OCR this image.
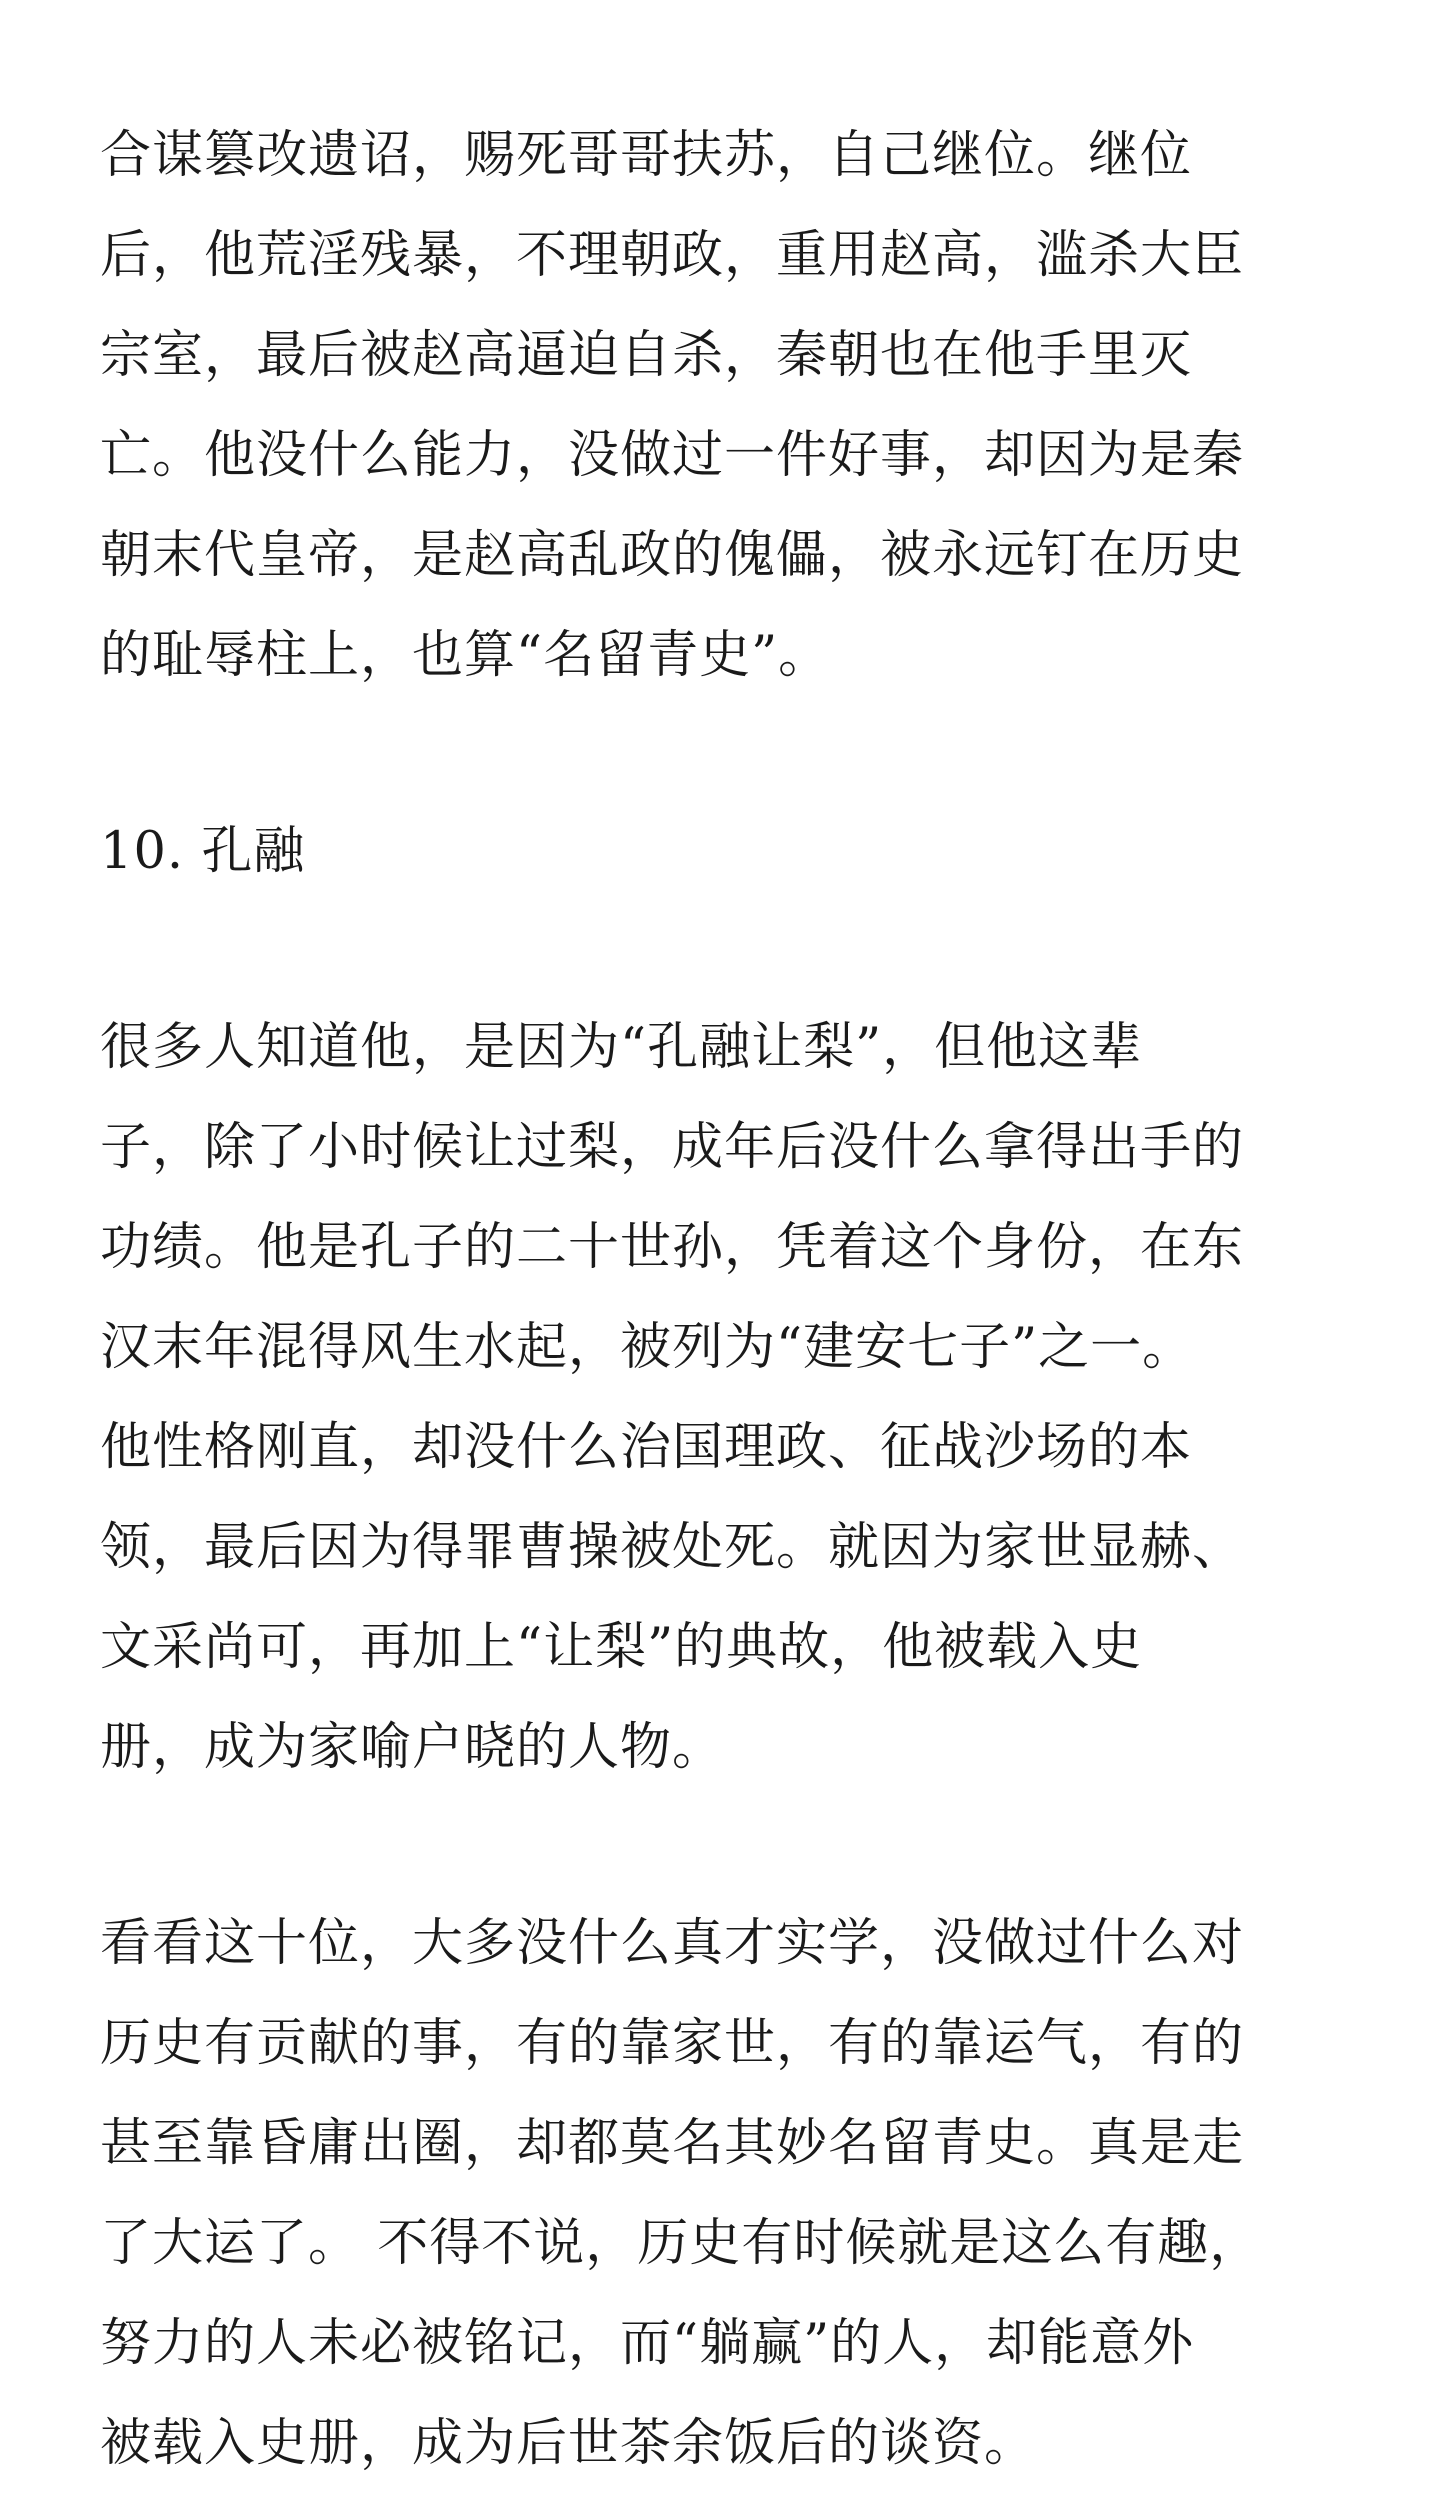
合谋篡改遗诏，赐死哥哥扶苏，自己继位。继位
后，他荒淫残暴，不理朝政，重用赵高，滥杀大臣
宗室，最后被赵高逼迫自杀，秦朝也在他手里灭
亡。他没什么能力，没做过一件好事，却因为是秦
朝末代皇帝，是赵高乱政的傀儡，被永远钉在历史
的耻辱柱上，也算“名留青史”。
10. 孔融
很多人知道他，是因为“孔融让梨”，但他这辈
子，除了小时候让过梨，成年后没什么拿得出手的
功绩。他是孔子的二十世孙，凭着这个身份，在东
汉末年混得风生水起，被列为“建安七子”之一。
他性格刚直，却没什么治国理政、征战沙场的本
领，最后因为得罪曹操被处死。就因为家世显赫、
文采尚可，再加上“让梨”的典故，他被载入史
册，成为家喻户晓的人物。
看看这十位，大多没什么真才实学，没做过什么对
历史有贡献的事，有的靠家世，有的靠运气，有的
甚至靠昏庸出圈，却都莫名其妙名留青史。真是走
了大运了。 不得不说，历史有时候就是这么有趣，
努力的人未必被铭记，而“躺赢”的人，却能意外
被载入史册，成为后世茶余饭后的谈资。
